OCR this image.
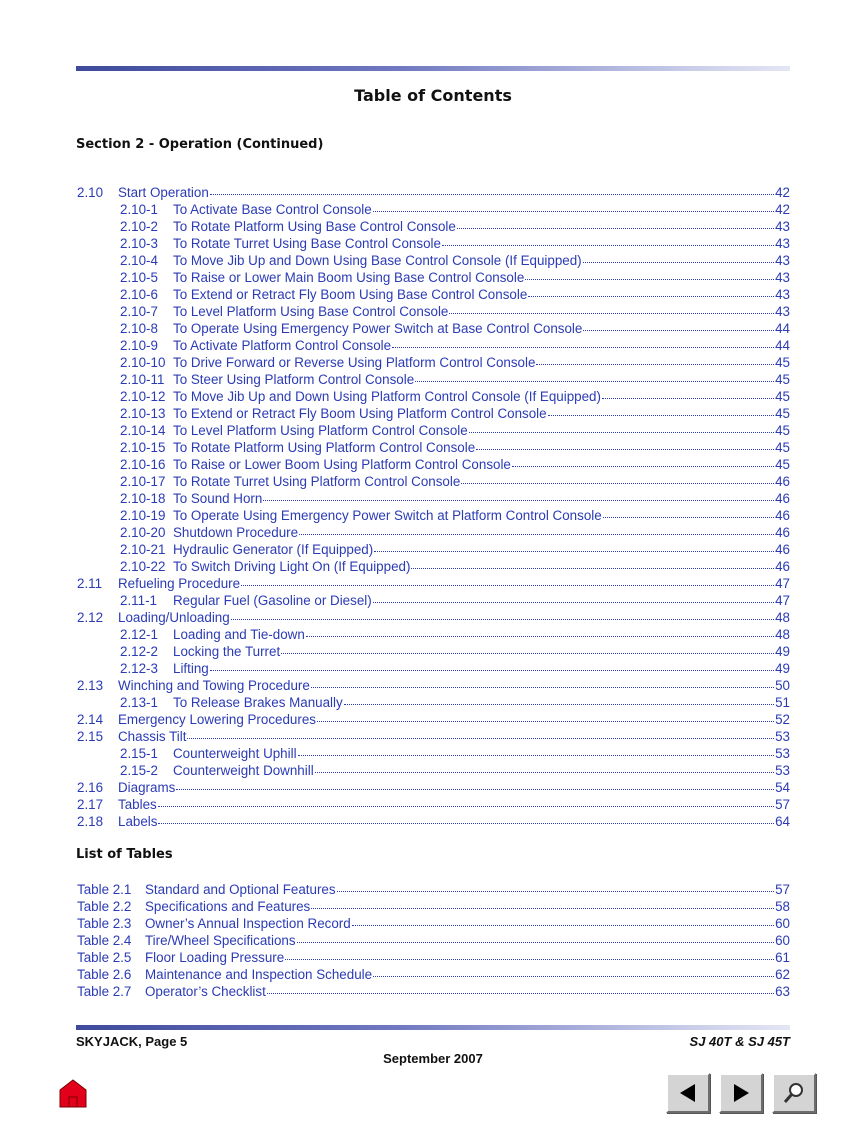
Table of Contents
Section 2 - Operation (Continued)
2.10	Start Operation	42
2.10-1	To Activate Base Control Console	42
2.10-2	To Rotate Platform Using Base Control Console	43
2.10-3	To Rotate Turret Using Base Control Console	43
2.10-4	To Move Jib Up and Down Using Base Control Console (If Equipped)	43
2.10-5	To Raise or Lower Main Boom Using Base Control Console	43
2.10-6	To Extend or Retract Fly Boom Using Base Control Console	43
2.10-7	To Level Platform Using Base Control Console	43
2.10-8	To Operate Using Emergency Power Switch at Base Control Console	44
2.10-9	To Activate Platform Control Console	44
2.10-10 To Drive Forward or Reverse Using Platform Control Console	45
2.10-11 To Steer Using Platform Control Console	45
2.10-12 To Move Jib Up and Down Using Platform Control Console (If Equipped)	45
2.10-13 To Extend or Retract Fly Boom Using Platform Control Console	45
2.10-14 To Level Platform Using Platform Control Console	45
2.10-15 To Rotate Platform Using Platform Control Console	45
2.10-16 To Raise or Lower Boom Using Platform Control Console	45
2.10-17 To Rotate Turret Using Platform Control Console	46
2.10-18 To Sound Horn	46
2.10-19 To Operate Using Emergency Power Switch at Platform Control Console	46
2.10-20 Shutdown Procedure	46
2.10-21 Hydraulic Generator (If Equipped)	46
2.10-22 To Switch Driving Light On (If Equipped)	46
2.11	Refueling Procedure	47
2.11-1	Regular Fuel (Gasoline or Diesel)	47
2.12	Loading/Unloading	48
2.12-1	Loading and Tie-down	48
2.12-2	Locking the Turret	49
2.12-3	Lifting	49
2.13	Winching and Towing Procedure	50
2.13-1	To Release Brakes Manually	51
2.14	Emergency Lowering Procedures	52
2.15	Chassis Tilt	53
2.15-1	Counterweight Uphill	53
2.15-2	Counterweight Downhill	53
2.16	Diagrams	54
2.17	Tables	57
2.18	Labels	64
List of Tables
Table 2.1	Standard and Optional Features	57
Table 2.2	Specifications and Features	58
Table 2.3	Owner’s Annual Inspection Record	60
Table 2.4	Tire/Wheel Specifications	60
Table 2.5	Floor Loading Pressure	61
Table 2.6	Maintenance and Inspection Schedule	62
Table 2.7	Operator’s Checklist	63
SKYJACK, Page 5	SJ 40T & SJ 45T
September 2007
